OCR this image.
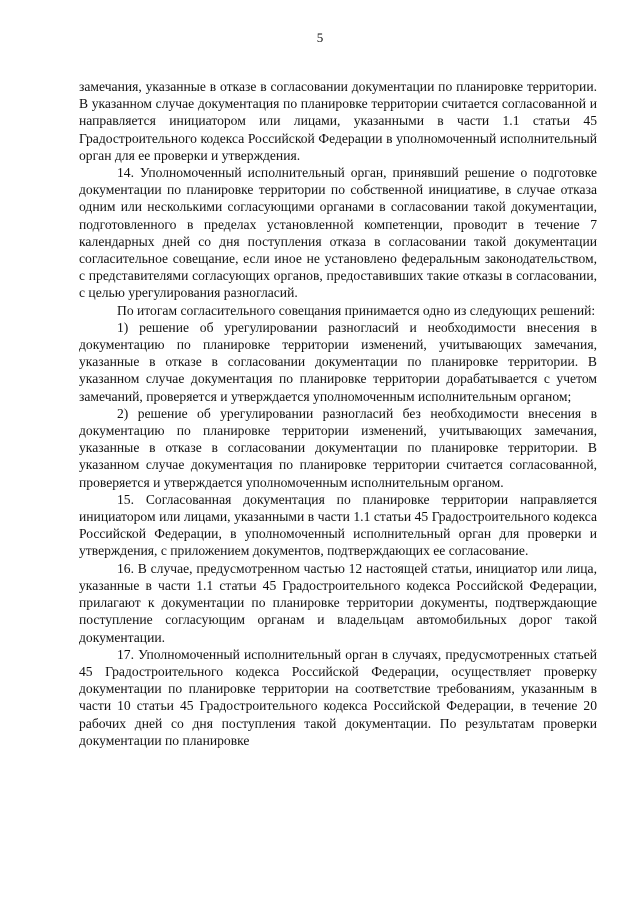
5

замечания, указанные в отказе в согласовании документации по планировке территории. В указанном случае документация по планировке территории считается согласованной и направляется инициатором или лицами, указанными в части 1.1 статьи 45 Градостроительного кодекса Российской Федерации в уполномоченный исполнительный орган для ее проверки и утверждения.

14. Уполномоченный исполнительный орган, принявший решение о подготовке документации по планировке территории по собственной инициативе, в случае отказа одним или несколькими согласующими органами в согласовании такой документации, подготовленного в пределах установленной компетенции, проводит в течение 7 календарных дней со дня поступления отказа в согласовании такой документации согласительное совещание, если иное не установлено федеральным законодательством, с представителями согласующих органов, предоставивших такие отказы в согласовании, с целью урегулирования разногласий.

По итогам согласительного совещания принимается одно из следующих решений:

1) решение об урегулировании разногласий и необходимости внесения в документацию по планировке территории изменений, учитывающих замечания, указанные в отказе в согласовании документации по планировке территории. В указанном случае документация по планировке территории дорабатывается с учетом замечаний, проверяется и утверждается уполномоченным исполнительным органом;

2) решение об урегулировании разногласий без необходимости внесения в документацию по планировке территории изменений, учитывающих замечания, указанные в отказе в согласовании документации по планировке территории. В указанном случае документация по планировке территории считается согласованной, проверяется и утверждается уполномоченным исполнительным органом.

15. Согласованная документация по планировке территории направляется инициатором или лицами, указанными в части 1.1 статьи 45 Градостроительного кодекса Российской Федерации, в уполномоченный исполнительный орган для проверки и утверждения, с приложением документов, подтверждающих ее согласование.

16. В случае, предусмотренном частью 12 настоящей статьи, инициатор или лица, указанные в части 1.1 статьи 45 Градостроительного кодекса Российской Федерации, прилагают к документации по планировке территории документы, подтверждающие поступление согласующим органам и владельцам автомобильных дорог такой документации.

17. Уполномоченный исполнительный орган в случаях, предусмотренных статьей 45 Градостроительного кодекса Российской Федерации, осуществляет проверку документации по планировке территории на соответствие требованиям, указанным в части 10 статьи 45 Градостроительного кодекса Российской Федерации, в течение 20 рабочих дней со дня поступления такой документации. По результатам проверки документации по планировке
